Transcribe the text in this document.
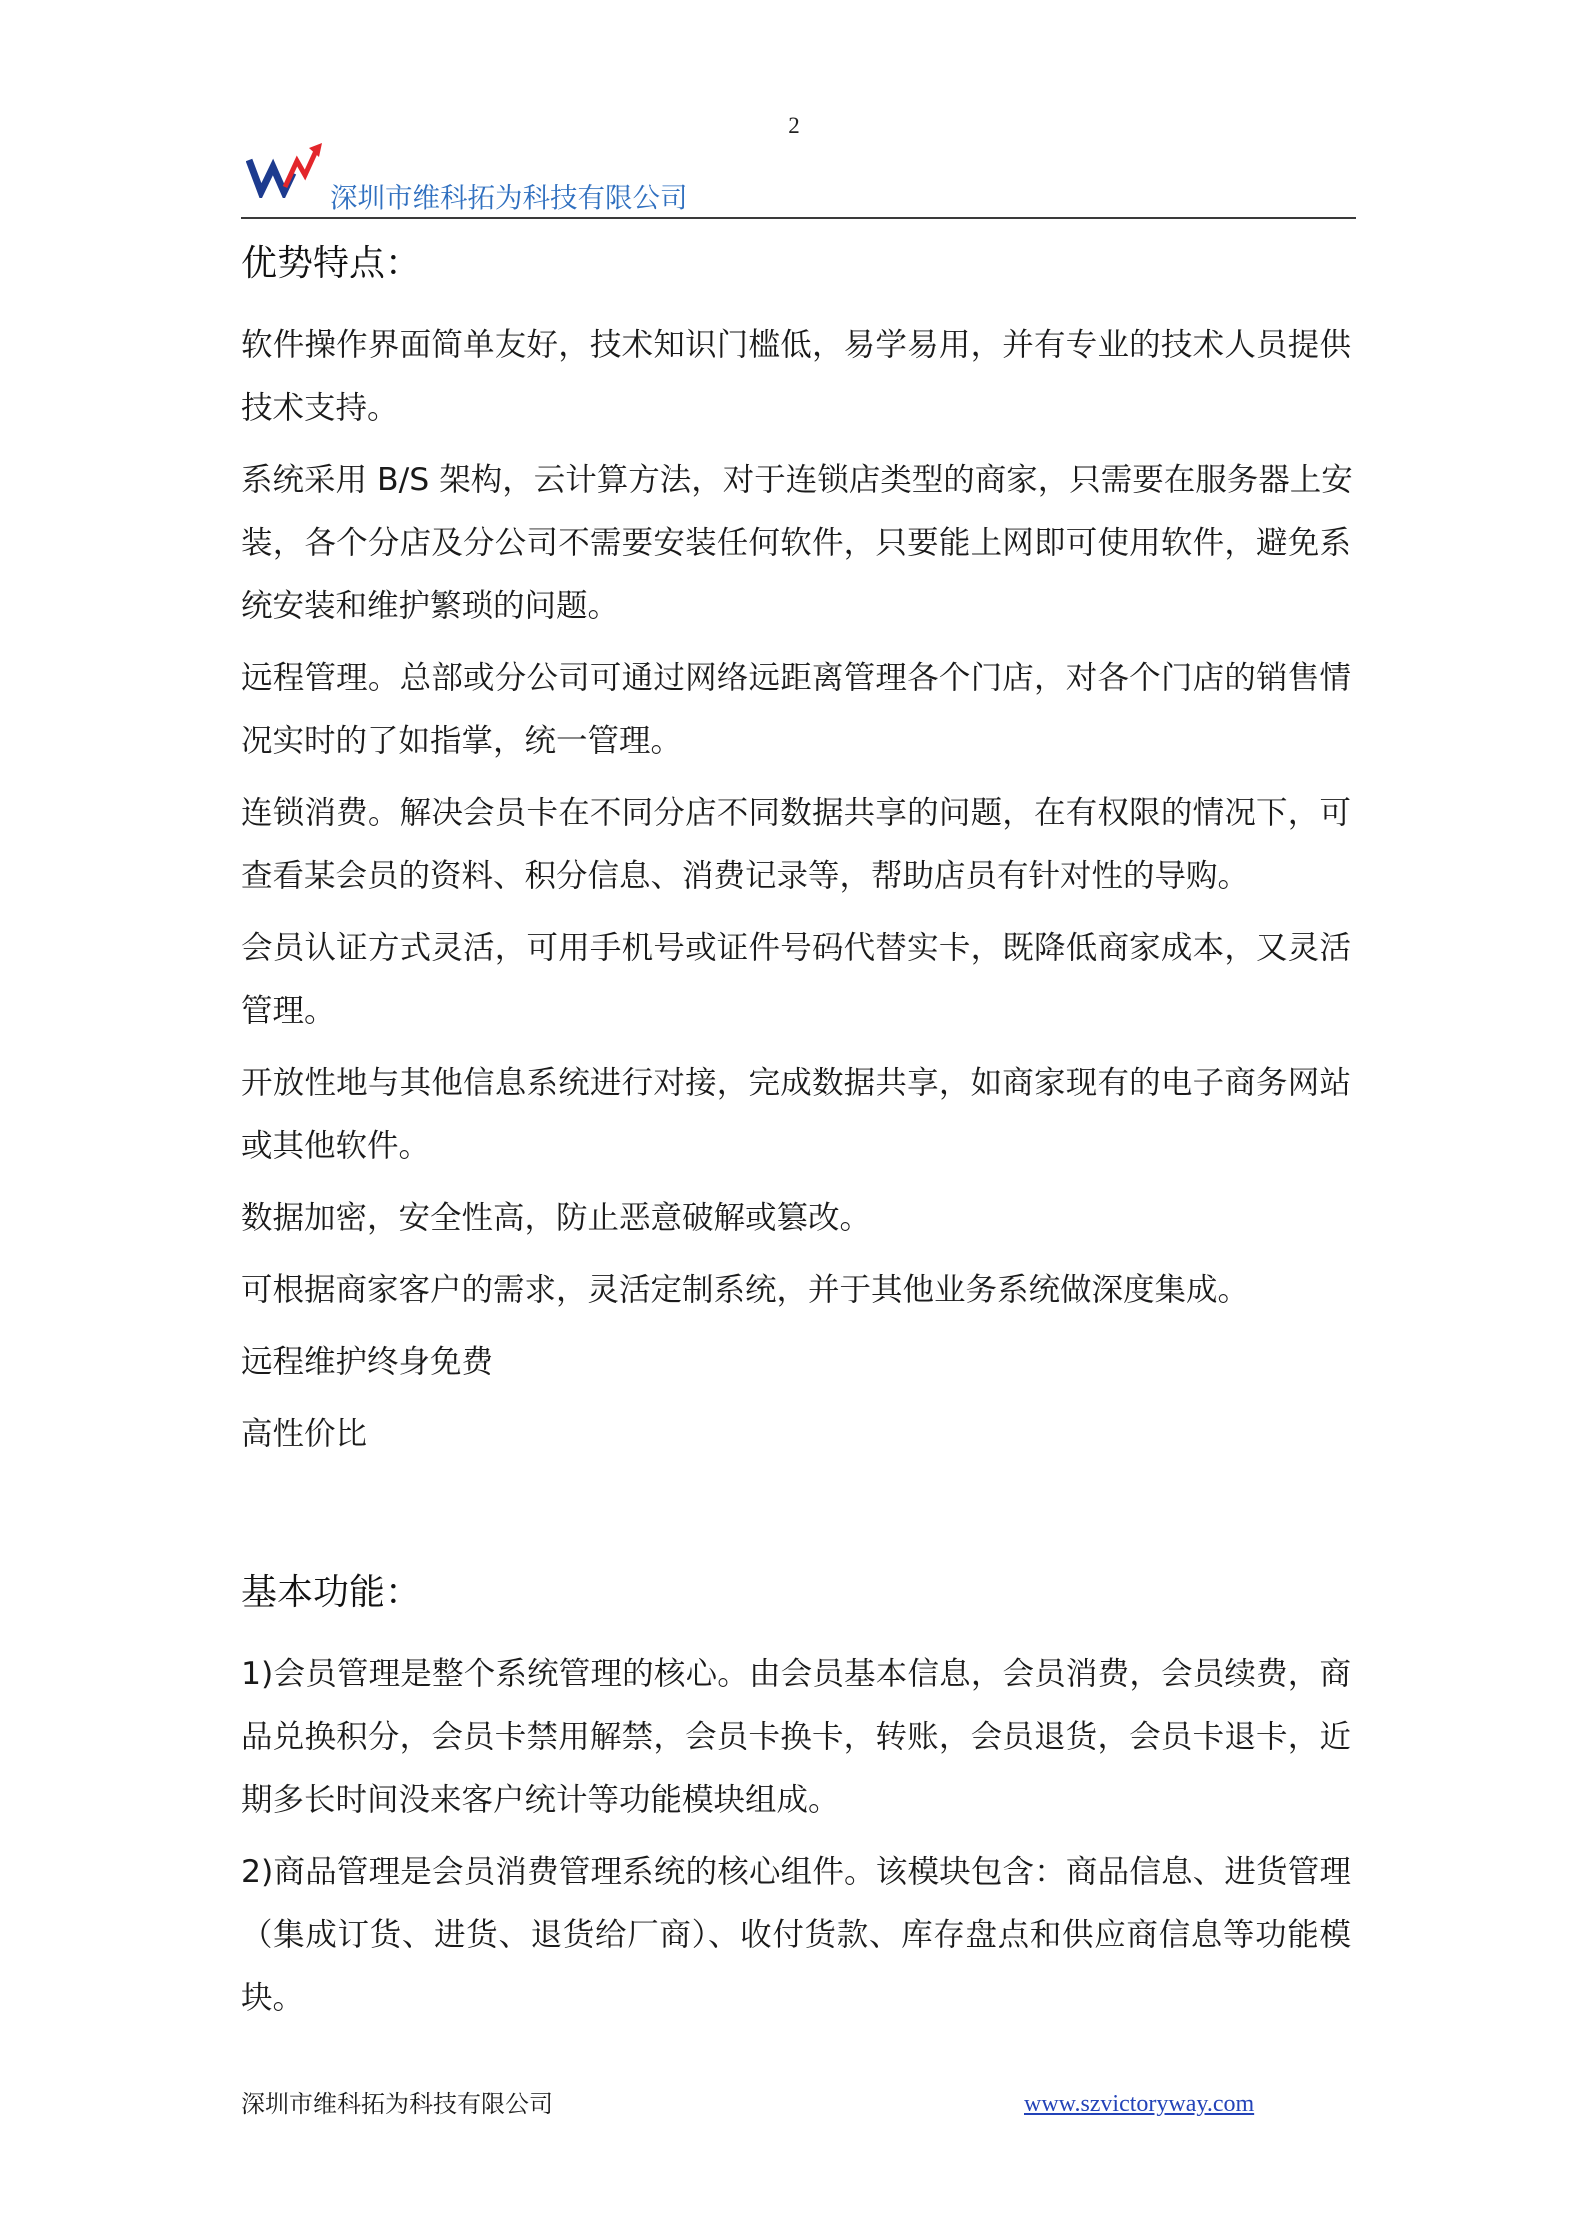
2
深圳市维科拓为科技有限公司
优势特点：
软件操作界面简单友好，技术知识门槛低，易学易用，并有专业的技术人员提供
技术支持。
系统采用 B/S 架构，云计算方法，对于连锁店类型的商家，只需要在服务器上安
装，各个分店及分公司不需要安装任何软件，只要能上网即可使用软件，避免系
统安装和维护繁琐的问题。
远程管理。总部或分公司可通过网络远距离管理各个门店，对各个门店的销售情
况实时的了如指掌，统一管理。
连锁消费。解决会员卡在不同分店不同数据共享的问题，在有权限的情况下，可
查看某会员的资料、积分信息、消费记录等，帮助店员有针对性的导购。
会员认证方式灵活，可用手机号或证件号码代替实卡，既降低商家成本，又灵活
管理。
开放性地与其他信息系统进行对接，完成数据共享，如商家现有的电子商务网站
或其他软件。
数据加密，安全性高，防止恶意破解或篡改。
可根据商家客户的需求，灵活定制系统，并于其他业务系统做深度集成。
远程维护终身免费
高性价比
基本功能：
1)会员管理是整个系统管理的核心。由会员基本信息，会员消费，会员续费，商
品兑换积分，会员卡禁用解禁，会员卡换卡，转账，会员退货，会员卡退卡，近
期多长时间没来客户统计等功能模块组成。
2)商品管理是会员消费管理系统的核心组件。该模块包含：商品信息、进货管理
（集成订货、进货、退货给厂商）、收付货款、库存盘点和供应商信息等功能模
块。
深圳市维科拓为科技有限公司	www.szvictoryway.com
